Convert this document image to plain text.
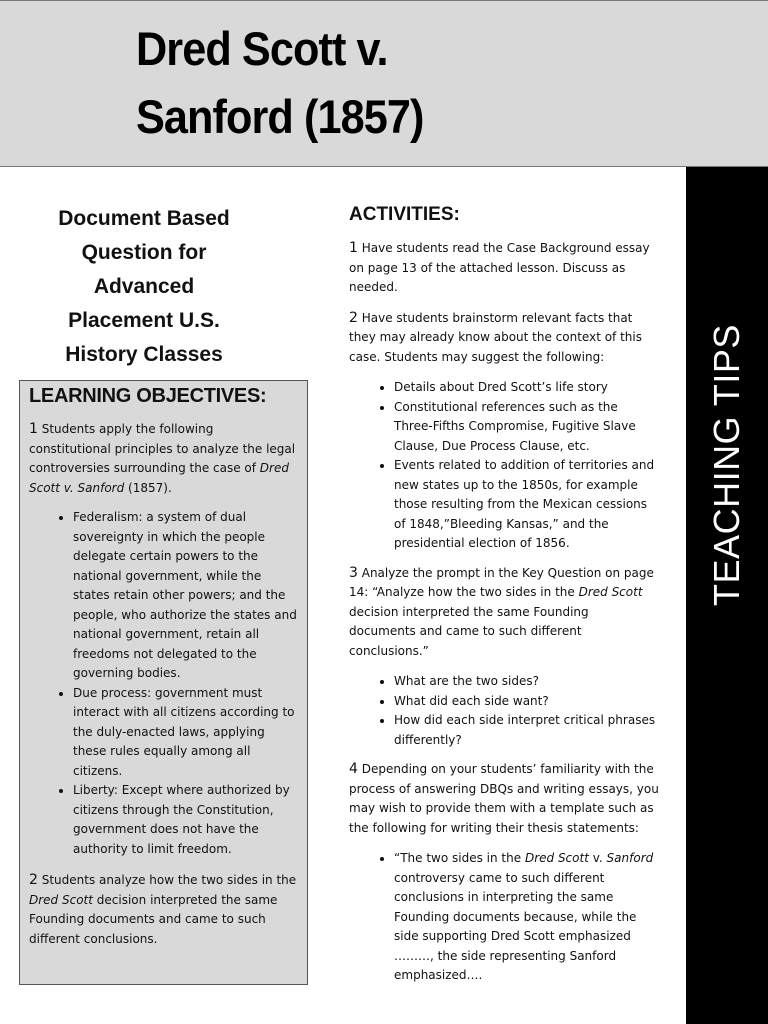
Dred Scott v.
Sanford (1857)
TEACHING TIPS
Document Based
Question for
Advanced
Placement U.S.
History Classes
LEARNING OBJECTIVES:

1 Students apply the following constitutional principles to analyze the legal controversies surrounding the case of Dred Scott v. Sanford (1857).

• Federalism: a system of dual sovereignty in which the people delegate certain powers to the national government, while the states retain other powers; and the people, who authorize the states and national government, retain all freedoms not delegated to the governing bodies.
• Due process: government must interact with all citizens according to the duly-enacted laws, applying these rules equally among all citizens.
• Liberty: Except where authorized by citizens through the Constitution, government does not have the authority to limit freedom.

2 Students analyze how the two sides in the Dred Scott decision interpreted the same Founding documents and came to such different conclusions.

ACTIVITIES:

1 Have students read the Case Background essay on page 13 of the attached lesson. Discuss as needed.

2 Have students brainstorm relevant facts that they may already know about the context of this case. Students may suggest the following:

• Details about Dred Scott’s life story
• Constitutional references such as the Three-Fifths Compromise, Fugitive Slave Clause, Due Process Clause, etc.
• Events related to addition of territories and new states up to the 1850s, for example those resulting from the Mexican cessions of 1848,”Bleeding Kansas,” and the presidential election of 1856.

3 Analyze the prompt in the Key Question on page 14: “Analyze how the two sides in the Dred Scott decision interpreted the same Founding documents and came to such different conclusions.”

• What are the two sides?
• What did each side want?
• How did each side interpret critical phrases differently?

4 Depending on your students’ familiarity with the process of answering DBQs and writing essays, you may wish to provide them with a template such as the following for writing their thesis statements:

• “The two sides in the Dred Scott v. Sanford controversy came to such different conclusions in interpreting the same Founding documents because, while the side supporting Dred Scott emphasized ………, the side representing Sanford emphasized….
